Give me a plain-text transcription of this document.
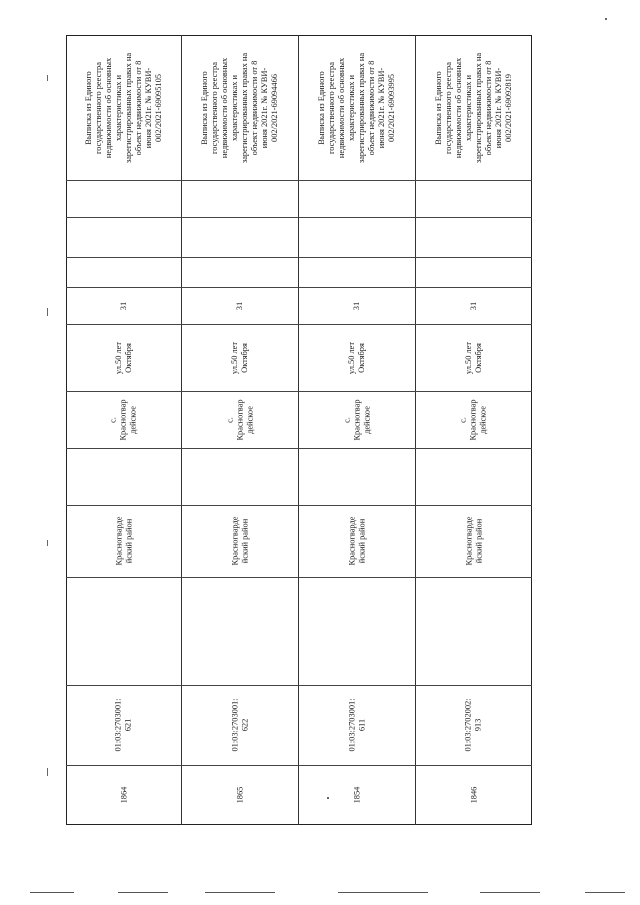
1864
01:03:2703001:
621
Красногварде
йский район
с.
Красногвар
дейское
ул.50 лет
Октября
31
Выписка из Единого
государственного реестра
недвижимости об основных
характеристиках и
зарегистрированных правах на
объект недвижимости от 8
июня 2021г. № КУВИ-
002/2021-69095105
1865
01:03:2703001:
622
Красногварде
йский район
с.
Красногвар
дейское
ул.50 лет
Октября
31
Выписка из Единого
государственного реестра
недвижимости об основных
характеристиках и
зарегистрированных правах на
объект недвижимости от 8
июня 2021г. № КУВИ-
002/2021-69094466
1854
01:03:2703001:
611
Красногварде
йский район
с.
Красногвар
дейское
ул.50 лет
Октября
31
Выписка из Единого
государственного реестра
недвижимости об основных
характеристиках и
зарегистрированных правах на
объект недвижимости от 8
июня 2021г. № КУВИ-
002/2021-69093995
1846
01:03:2702002:
913
Красногварде
йский район
с.
Красногвар
дейское
ул.50 лет
Октября
31
Выписка из Единого
государственного реестра
недвижимости об основных
характеристиках и
зарегистрированных правах на
объект недвижимости от 8
июня 2021г. № КУВИ-
002/2021-69092819
